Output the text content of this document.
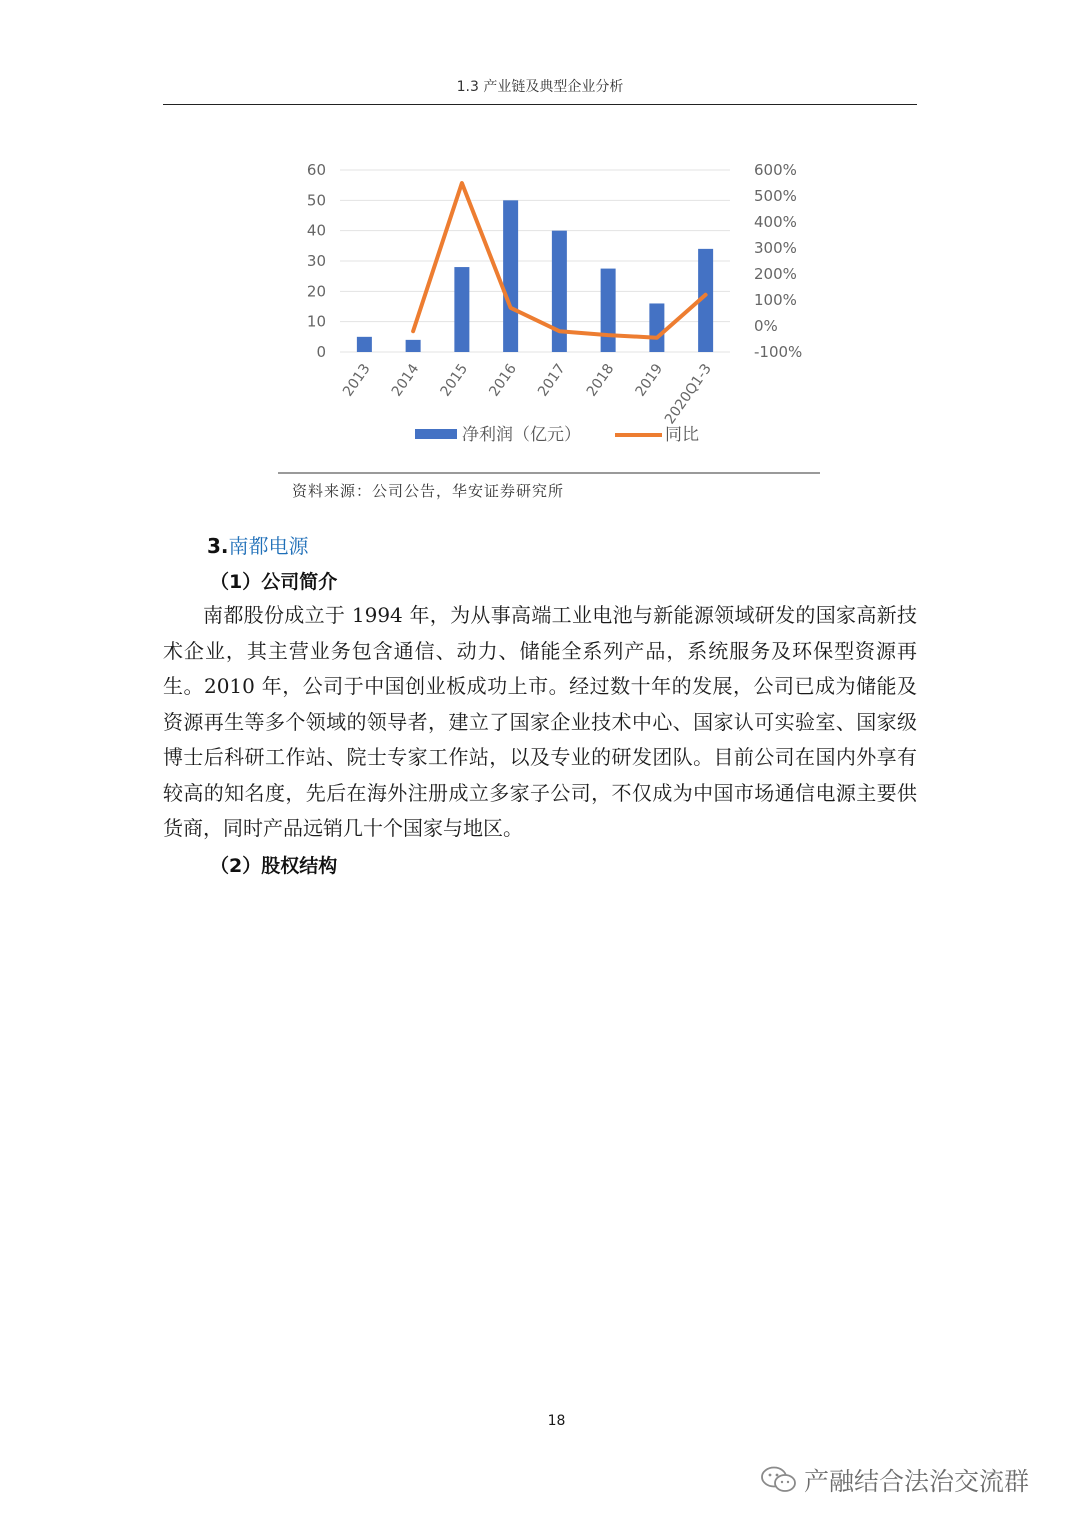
1.3 产业链及典型企业分析
0
10
20
30
40
50
60
-100%
0%
100%
200%
300%
400%
500%
600%
2013 2014 2015 2016 2017 2018 2019
2020Q1-3
净利润（亿元）	同比
资料来源：公司公告，华安证券研究所
3.南都电源
（1）公司简介

南都股份成立于 1994 年，为从事高端工业电池与新能源领域研发的国家高新技术企业，其主营业务包含通信、动力、储能全系列产品，系统服务及环保型资源再生。2010 年，公司于中国创业板成功上市。经过数十年的发展，公司已成为储能及资源再生等多个领域的领导者，建立了国家企业技术中心、国家认可实验室、国家级博士后科研工作站、院士专家工作站，以及专业的研发团队。目前公司在国内外享有较高的知名度，先后在海外注册成立多家子公司，不仅成为中国市场通信电源主要供货商，同时产品远销几十个国家与地区。

（2）股权结构
18
产融结合法治交流群
